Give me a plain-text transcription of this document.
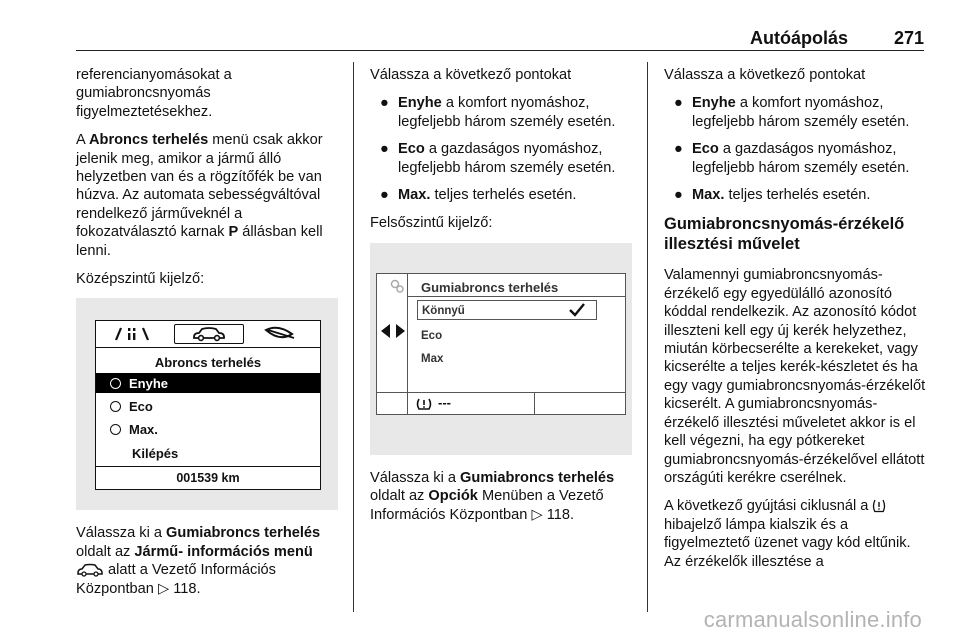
Autóápolás	271

referencianyomásokat a gumiabroncsnyomás figyelmeztetésekhez.

A Abroncs terhelés menü csak akkor jelenik meg, amikor a jármű álló helyzetben van és a rögzítőfék be van húzva. Az automata sebességváltóval rendelkező járműveknél a fokozatválasztó karnak P állásban kell lenni.

Középszintű kijelző:

Abroncs terhelés
Enyhe
Eco
Max.
Kilépés
001539 km

Válassza ki a Gumiabroncs terhelés oldalt az Jármű- információs menü  alatt a Vezető Információs Központban ▷ 118.

Válassza a következő pontokat

● Enyhe a komfort nyomáshoz, legfeljebb három személy esetén.
● Eco a gazdaságos nyomáshoz, legfeljebb három személy esetén.
● Max. teljes terhelés esetén.

Felsőszintű kijelző:

Gumiabroncs terhelés
Könnyű
Eco
Max
---

Válassza ki a Gumiabroncs terhelés oldalt az Opciók Menüben a Vezető Információs Központban ▷ 118.

Válassza a következő pontokat

● Enyhe a komfort nyomáshoz, legfeljebb három személy esetén.
● Eco a gazdaságos nyomáshoz, legfeljebb három személy esetén.
● Max. teljes terhelés esetén.
Gumiabroncsnyomás-érzékelő illesztési művelet

Valamennyi gumiabroncsnyomás-érzékelő egy egyedülálló azonosító kóddal rendelkezik. Az azonosító kódot illeszteni kell egy új kerék helyzethez, miután körbecserélte a kerekeket, vagy kicserélte a teljes kerék-készletet és ha egy vagy gumiabroncsnyomás-érzékelőt kicserélt. A gumiabroncsnyomás-érzékelő illesztési műveletet akkor is el kell végezni, ha egy pótkereket gumiabroncsnyomás-érzékelővel ellátott országúti kerékre cserélnek.

A következő gyújtási ciklusnál a  hibajelző lámpa kialszik és a figyelmeztető üzenet vagy kód eltűnik. Az érzékelők illesztése a

carmanualsonline.info
